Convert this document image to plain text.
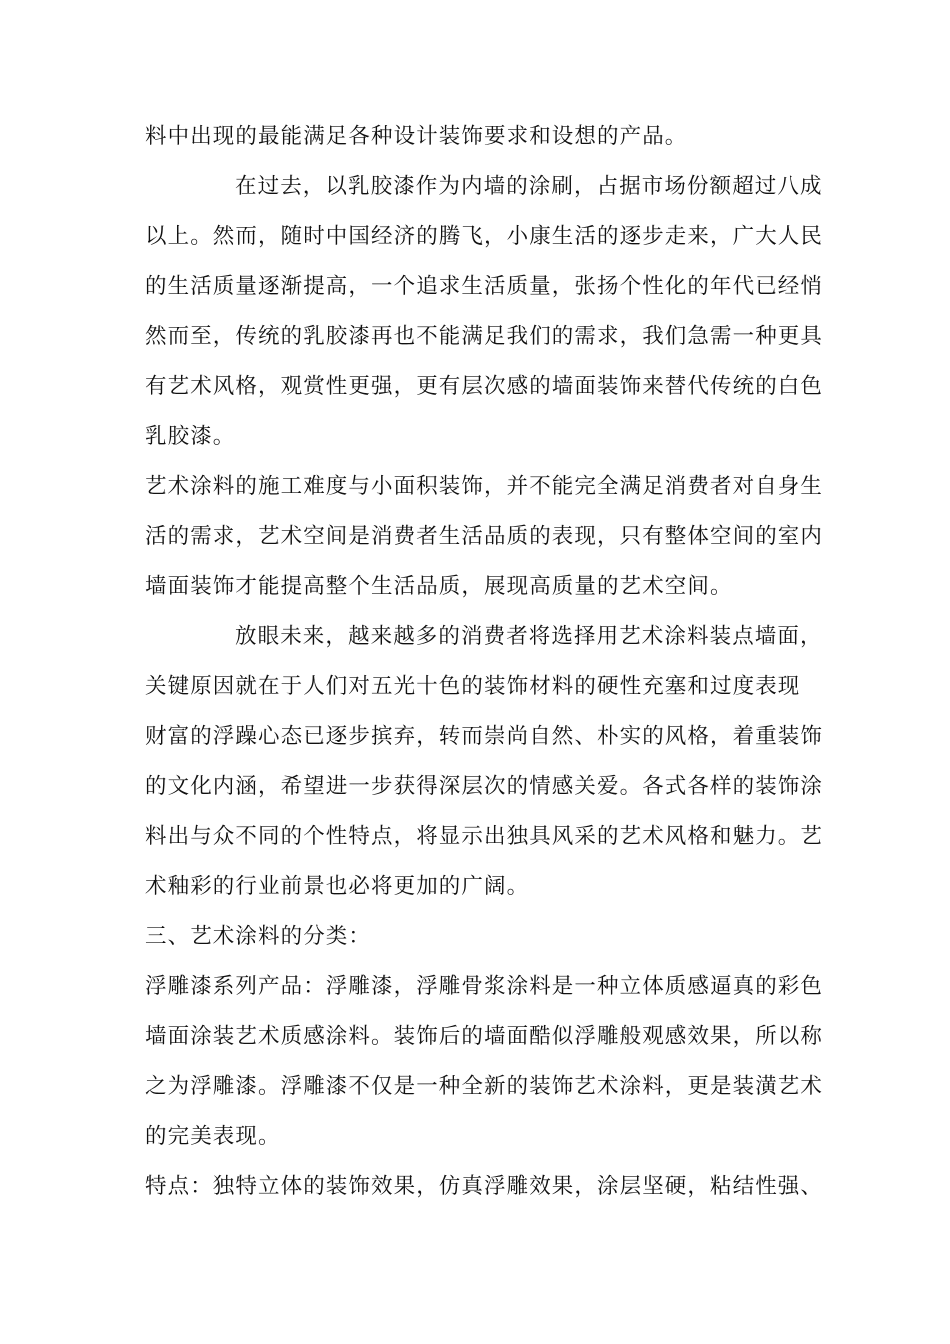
料中出现的最能满足各种设计装饰要求和设想的产品。
在过去，以乳胶漆作为内墙的涂刷，占据市场份额超过八成
以上。然而，随时中国经济的腾飞，小康生活的逐步走来，广大人民
的生活质量逐渐提高，一个追求生活质量，张扬个性化的年代已经悄
然而至，传统的乳胶漆再也不能满足我们的需求，我们急需一种更具
有艺术风格，观赏性更强，更有层次感的墙面装饰来替代传统的白色
乳胶漆。
艺术涂料的施工难度与小面积装饰，并不能完全满足消费者对自身生
活的需求，艺术空间是消费者生活品质的表现，只有整体空间的室内
墙面装饰才能提高整个生活品质，展现高质量的艺术空间。
放眼未来，越来越多的消费者将选择用艺术涂料装点墙面，
关键原因就在于人们对五光十色的装饰材料的硬性充塞和过度表现
财富的浮躁心态已逐步摈弃，转而崇尚自然、朴实的风格，着重装饰
的文化内涵，希望进一步获得深层次的情感关爱。各式各样的装饰涂
料出与众不同的个性特点，将显示出独具风采的艺术风格和魅力。艺
术釉彩的行业前景也必将更加的广阔。
三、艺术涂料的分类：
浮雕漆系列产品：浮雕漆，浮雕骨浆涂料是一种立体质感逼真的彩色
墙面涂装艺术质感涂料。装饰后的墙面酷似浮雕般观感效果，所以称
之为浮雕漆。浮雕漆不仅是一种全新的装饰艺术涂料，更是装潢艺术
的完美表现。
特点：独特立体的装饰效果，仿真浮雕效果，涂层坚硬，粘结性强、
